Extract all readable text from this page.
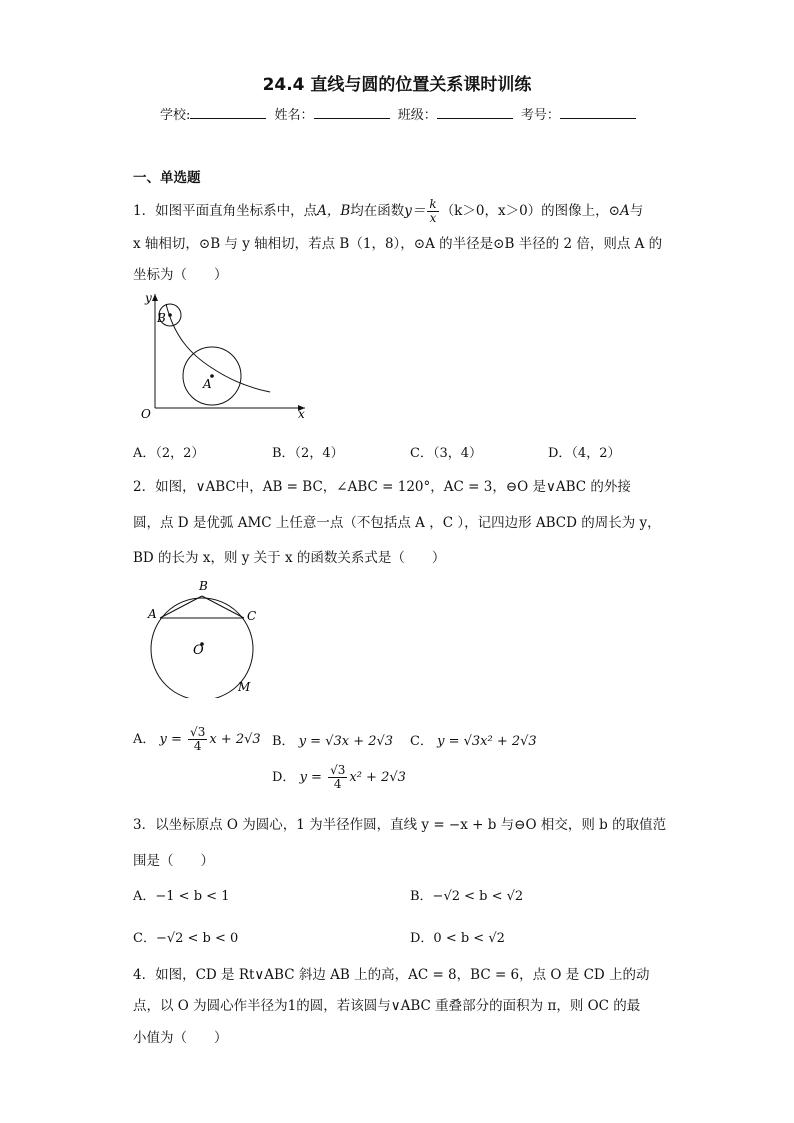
24.4 直线与圆的位置关系课时训练
学校:	姓名：	班级：	考号：
一、单选题
1．如图平面直角坐标系中，点A，B均在函数$y= \frac{k}{x} (k>0$，x＞0）的图像上，⊙A与
x 轴相切，⊙B 与 y 轴相切，若点 B（1，8），⊙A 的半径是⊙B 半径的 2 倍，则点 A 的
坐标为（　　）
y
B
A
O	x
A．（2，2）	B．（2，4）	C．（3，4）	D．（4，2）
2．如图，∨ABC中，AB = BC，∠ABC = 120°，AC = 3，⊖O 是∨ABC 的外接
圆，点 D 是优弧 AMC 上任意一点（不包括点 A ，C ），记四边形 ABCD 的周长为 y，
BD 的长为 x，则 y 关于 x 的函数关系式是（　　）
A
B
C
O
M
A． $y = \frac{√3}{4}$ x + 2√3 B． y = √3x + 2√3 C． y = √3x² + 2√3
D． $y = \frac{√3}{4} x^2 + 2√3$
3．以坐标原点 O 为圆心，1 为半径作圆，直线 y = −x + b 与⊖O 相交，则 b 的取值范
围是（　　）
A．−1 < b < 1	B．−√2 < b < √2
C．−√2 < b < 0	D．0 < b < √2
4．如图，CD 是 Rt∨ABC 斜边 AB 上的高，AC = 8，BC = 6，点 O 是 CD 上的动
点，以 O 为圆心作半径为1的圆，若该圆与∨ABC 重叠部分的面积为 π，则 OC 的最
小值为（　　）
